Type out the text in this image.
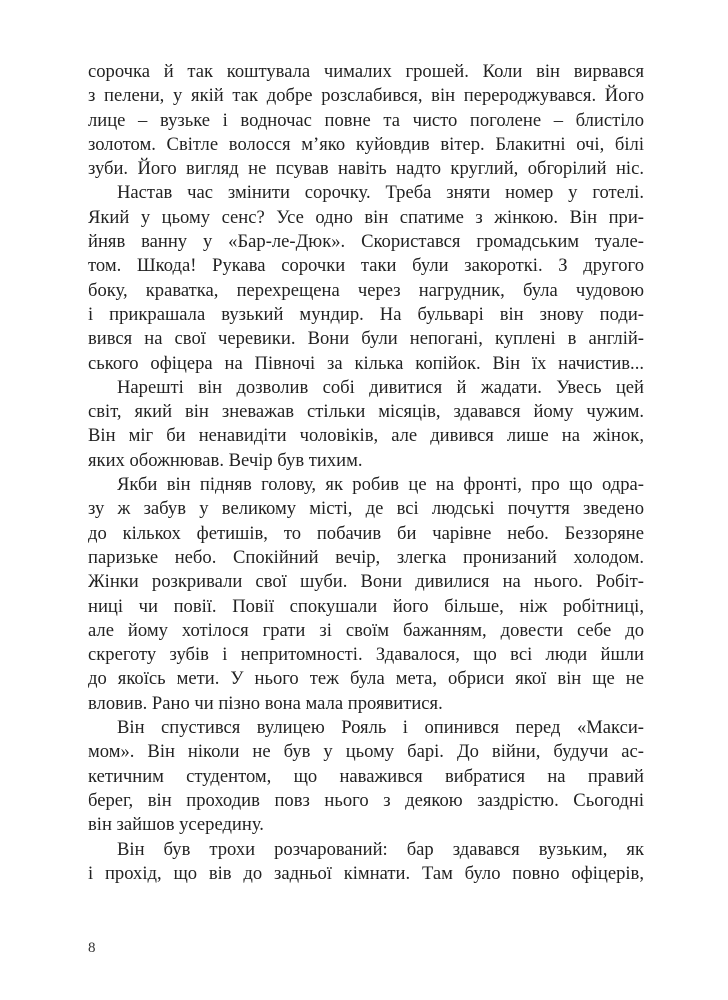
сорочка й так коштувала чималих грошей. Коли він вирвався
з пелени, у якій так добре розслабився, він перероджувався. Його
лице – вузьке і водночас повне та чисто поголене – блистіло
золотом. Світле волосся м’яко куйовдив вітер. Блакитні очі, білі
зуби. Його вигляд не псував навіть надто круглий, обгорілий ніс.
Настав час змінити сорочку. Треба зняти номер у готелі.
Який у цьому сенс? Усе одно він спатиме з жінкою. Він при-
йняв ванну у «Бар-ле-Дюк». Скористався громадським туале-
том. Шкода! Рукава сорочки таки були закороткі. З другого
боку, краватка, перехрещена через нагрудник, була чудовою
і прикрашала вузький мундир. На бульварі він знову поди-
вився на свої черевики. Вони були непогані, куплені в англій-
ського офіцера на Півночі за кілька копійок. Він їх начистив...
Нарешті він дозволив собі дивитися й жадати. Увесь цей
світ, який він зневажав стільки місяців, здавався йому чужим.
Він міг би ненавидіти чоловіків, але дивився лише на жінок,
яких обожнював. Вечір був тихим.
Якби він підняв голову, як робив це на фронті, про що одра-
зу ж забув у великому місті, де всі людські почуття зведено
до кількох фетишів, то побачив би чарівне небо. Беззоряне
паризьке небо. Спокійний вечір, злегка пронизаний холодом.
Жінки розкривали свої шуби. Вони дивилися на нього. Робіт-
ниці чи повії. Повії спокушали його більше, ніж робітниці,
але йому хотілося грати зі своїм бажанням, довести себе до
скреготу зубів і непритомності. Здавалося, що всі люди йшли
до якоїсь мети. У нього теж була мета, обриси якої він ще не
вловив. Рано чи пізно вона мала проявитися.
Він спустився вулицею Рояль і опинився перед «Макси-
мом». Він ніколи не був у цьому барі. До війни, будучи ас-
кетичним студентом, що наважився вибратися на правий
берег, він проходив повз нього з деякою заздрістю. Сьогодні
він зайшов усередину.
Він був трохи розчарований: бар здавався вузьким, як
і прохід, що вів до задньої кімнати. Там було повно офіцерів,
8
